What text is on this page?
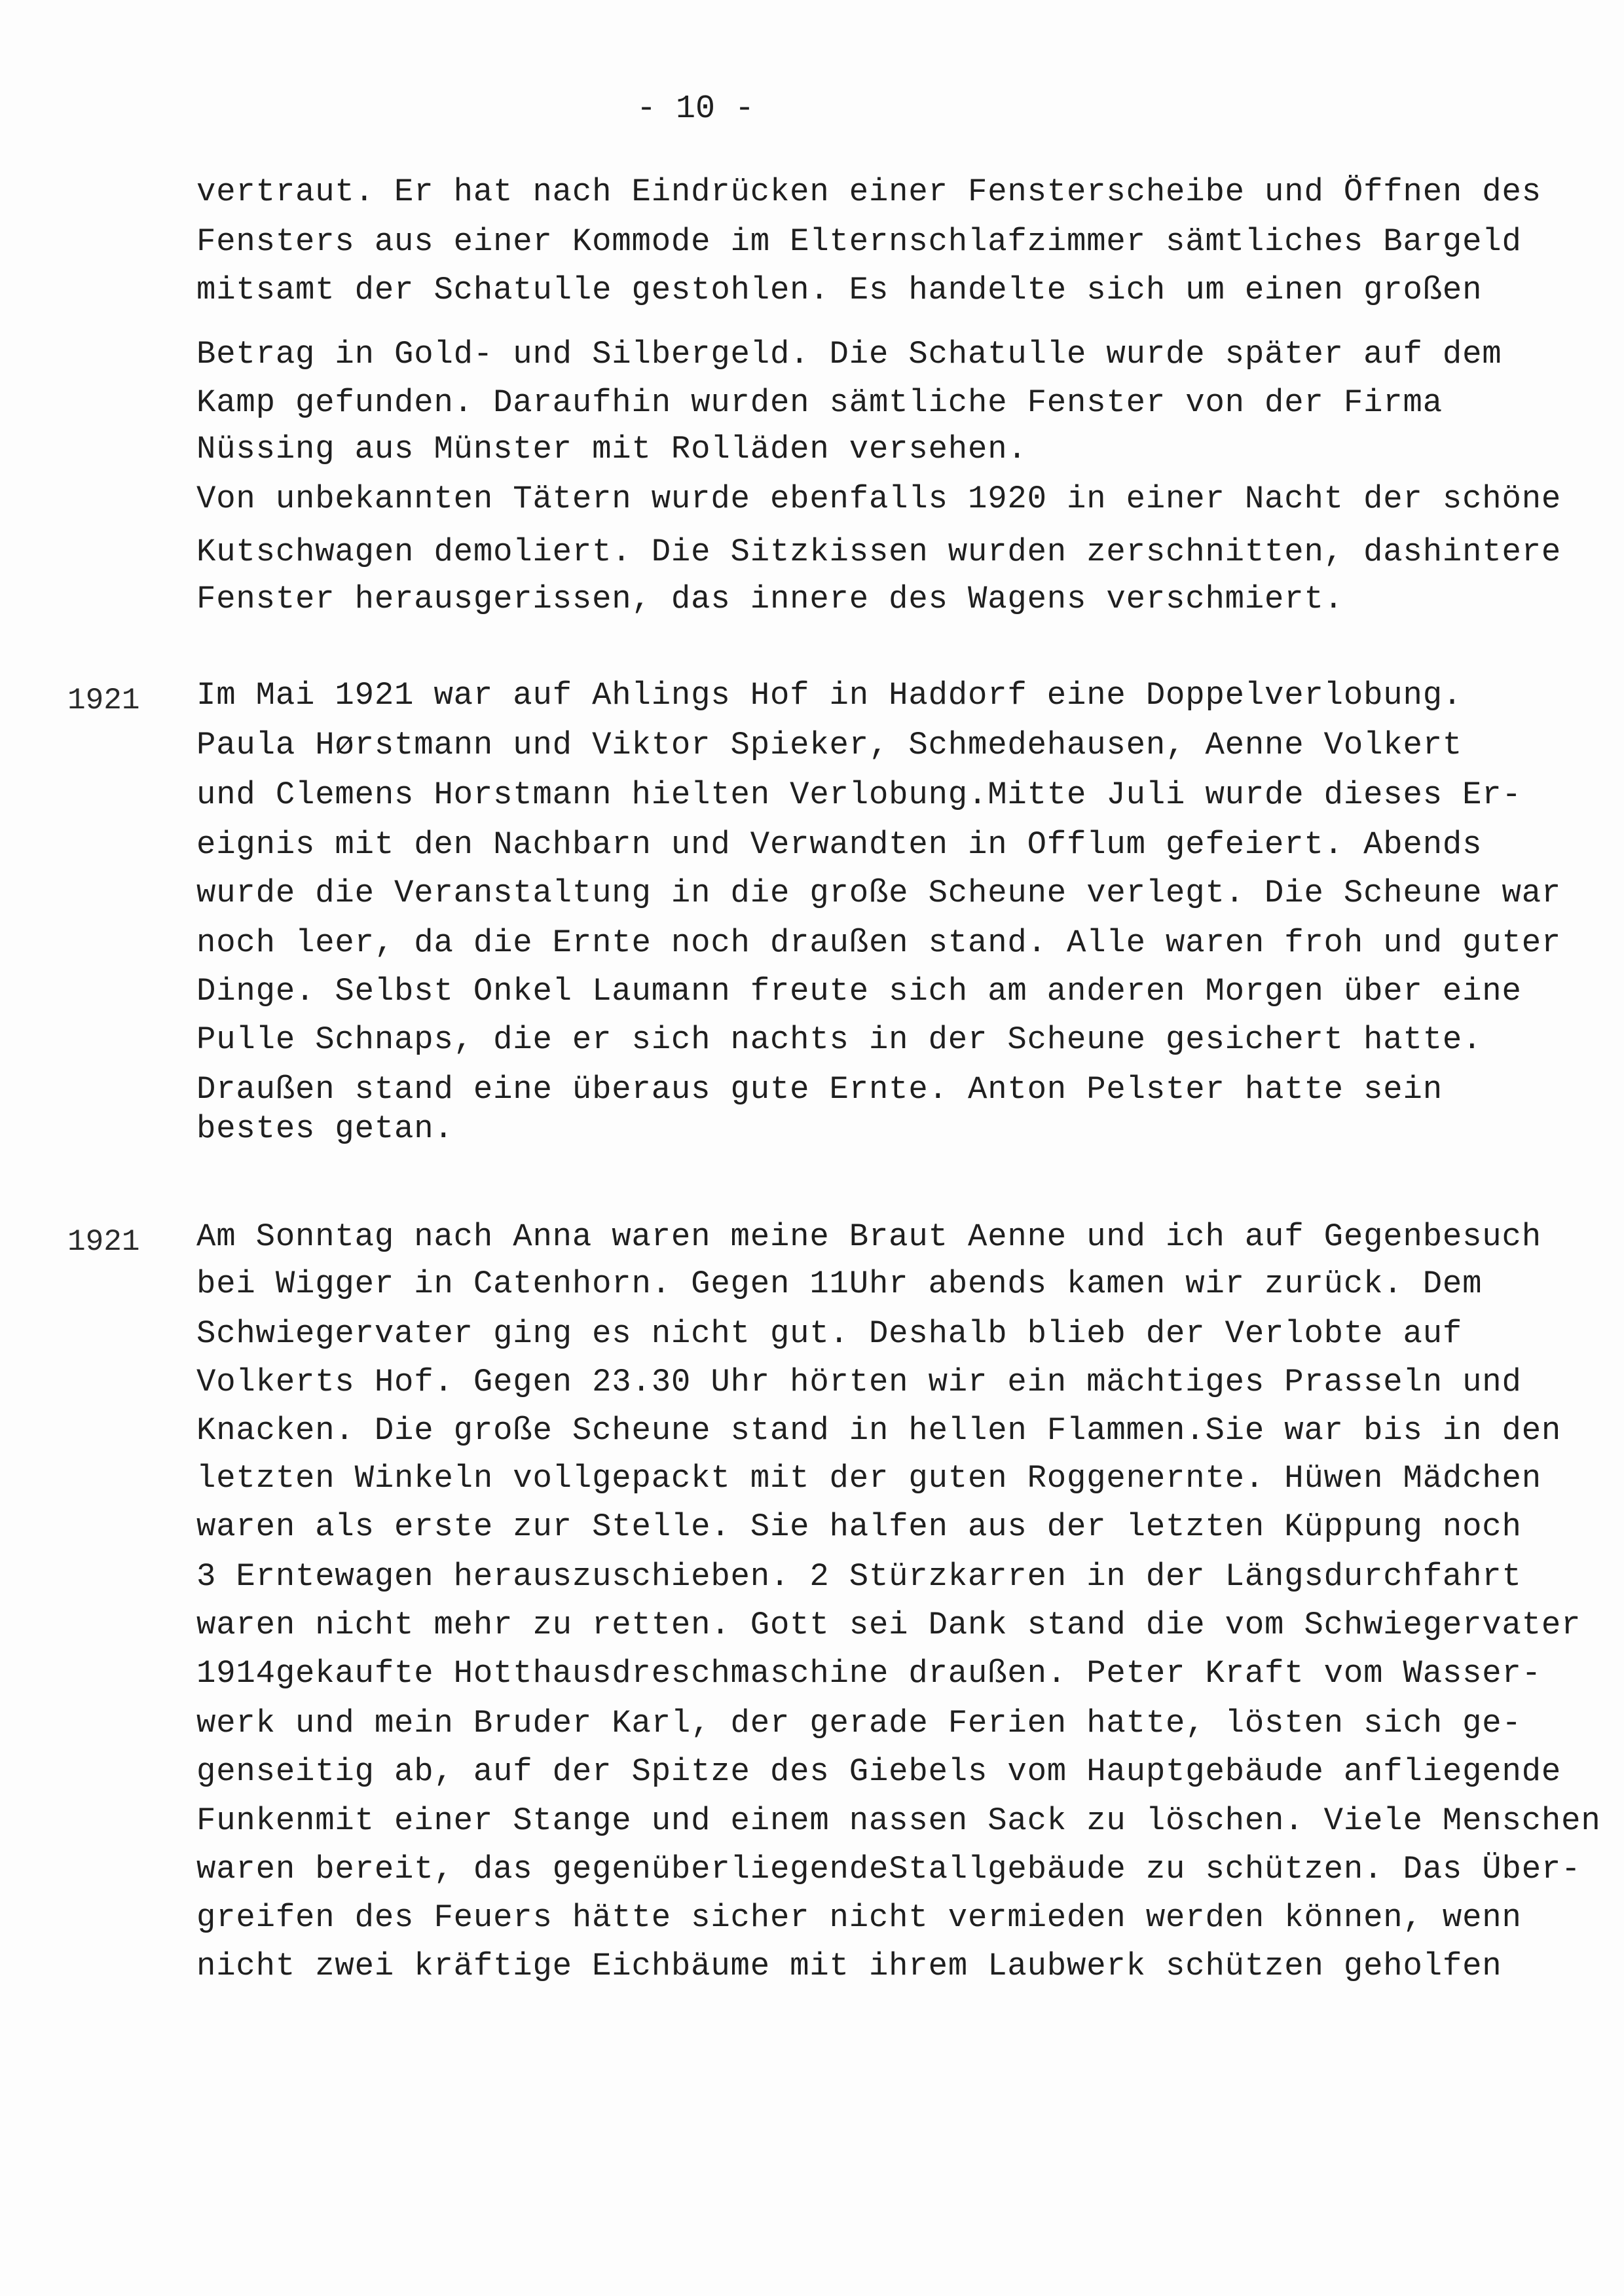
- 10 -
vertraut. Er hat nach Eindrücken einer Fensterscheibe und Öffnen des
Fensters aus einer Kommode im Elternschlafzimmer sämtliches Bargeld
mitsamt der Schatulle gestohlen. Es handelte sich um einen großen
Betrag in Gold- und Silbergeld. Die Schatulle wurde später auf dem
Kamp gefunden. Daraufhin wurden sämtliche Fenster von der Firma
Nüssing aus Münster mit Rolläden versehen.
Von unbekannten Tätern wurde ebenfalls 1920 in einer Nacht der schöne
Kutschwagen demoliert. Die Sitzkissen wurden zerschnitten, dashintere
Fenster herausgerissen, das innere des Wagens verschmiert.
1921 Im Mai 1921 war auf Ahlings Hof in Haddorf eine Doppelverlobung.
Paula Hørstmann und Viktor Spieker, Schmedehausen, Aenne Volkert
und Clemens Horstmann hielten Verlobung.Mitte Juli wurde dieses Er-
eignis mit den Nachbarn und Verwandten in Offlum gefeiert. Abends
wurde die Veranstaltung in die große Scheune verlegt. Die Scheune war
noch leer, da die Ernte noch draußen stand. Alle waren froh und guter
Dinge. Selbst Onkel Laumann freute sich am anderen Morgen über eine
Pulle Schnaps, die er sich nachts in der Scheune gesichert hatte.
Draußen stand eine überaus gute Ernte. Anton Pelster hatte sein
bestes getan.
1921 Am Sonntag nach Anna waren meine Braut Aenne und ich auf Gegenbesuch
bei Wigger in Catenhorn. Gegen 11Uhr abends kamen wir zurück. Dem
Schwiegervater ging es nicht gut. Deshalb blieb der Verlobte auf
Volkerts Hof. Gegen 23.30 Uhr hörten wir ein mächtiges Prasseln und
Knacken. Die große Scheune stand in hellen Flammen.Sie war bis in den
letzten Winkeln vollgepackt mit der guten Roggenernte. Hüwen Mädchen
waren als erste zur Stelle. Sie halfen aus der letzten Küppung noch
3 Erntewagen herauszuschieben. 2 Stürzkarren in der Längsdurchfahrt
waren nicht mehr zu retten. Gott sei Dank stand die vom Schwiegervater
1914gekaufte Hotthausdreschmaschine draußen. Peter Kraft vom Wasser-
werk und mein Bruder Karl, der gerade Ferien hatte, lösten sich ge-
genseitig ab, auf der Spitze des Giebels vom Hauptgebäude anfliegende
Funkenmit einer Stange und einem nassen Sack zu löschen. Viele Menschen
waren bereit, das gegenüberliegendeStallgebäude zu schützen. Das Über-
greifen des Feuers hätte sicher nicht vermieden werden können, wenn
nicht zwei kräftige Eichbäume mit ihrem Laubwerk schützen geholfen
